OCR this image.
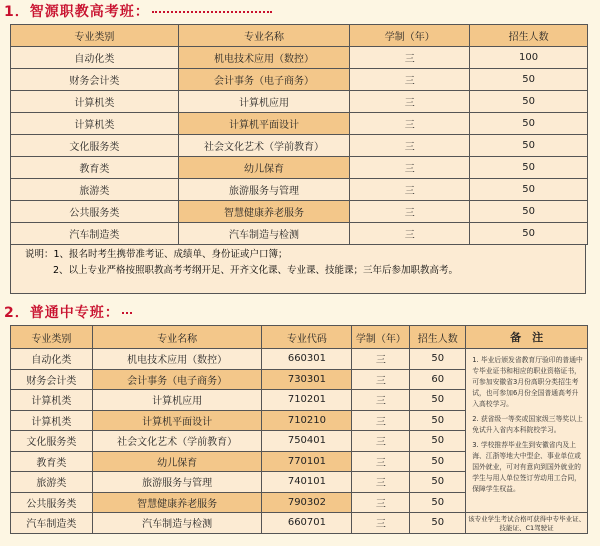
1．智源职教高考班：
专业类别	专业名称	学制（年）	招生人数
自动化类	机电技术应用（数控）	三	100
财务会计类	会计事务（电子商务）	三	50
计算机类	计算机应用	三	50
计算机类	计算机平面设计	三	50
文化服务类	社会文化艺术（学前教育）	三	50
教育类	幼儿保育	三	50
旅游类	旅游服务与管理	三	50
公共服务类	智慧健康养老服务	三	50
汽车制造类	汽车制造与检测	三	50
说明：1、报名时考生携带准考证、成绩单、身份证或户口簿；
2、以上专业严格按照职教高考考纲开足、开齐文化课、专业课、技能课；三年后参加职教高考。
2．普通中专班：
专业类别	专业名称	专业代码	学制（年）	招生人数	备　注
自动化类	机电技术应用（数控）	660301	三	50	1. 毕业后颁发省教育厅验印的普通中专毕业证书和相应的职业资格证书，可参加安徽省3月份高职分类招生考试，也可参加6月份全国普通高考升入高校学习。
2. 获省级一等奖或国家级三等奖以上免试升入省内本科院校学习。
3. 学校推荐毕业生到安徽省内及上海、江浙等地大中型企、事业单位或国外就业，可对有意向到国外就业的学生与用人单位签订劳动用工合同，保障学生权益。

财务会计类	会计事务（电子商务）	730301	三	60	
计算机类	计算机应用	710201	三	50	
计算机类	计算机平面设计	710210	三	50	
文化服务类	社会文化艺术（学前教育）	750401	三	50	
教育类	幼儿保育	770101	三	50	
旅游类	旅游服务与管理	740101	三	50	
公共服务类	智慧健康养老服务	790302	三	50	
汽车制造类	汽车制造与检测	660701	三	50	该专业学生考试合格可获得中专毕业证、技能证、C1驾驶证
